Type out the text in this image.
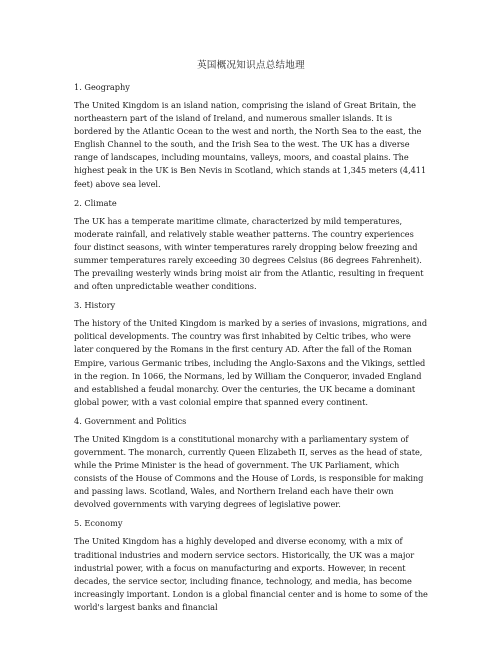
英国概况知识点总结地理
1. Geography
The United Kingdom is an island nation, comprising the island of Great Britain, the northeastern part of the island of Ireland, and numerous smaller islands. It is bordered by the Atlantic Ocean to the west and north, the North Sea to the east, the English Channel to the south, and the Irish Sea to the west. The UK has a diverse range of landscapes, including mountains, valleys, moors, and coastal plains. The highest peak in the UK is Ben Nevis in Scotland, which stands at 1,345 meters (4,411 feet) above sea level.
2. Climate
The UK has a temperate maritime climate, characterized by mild temperatures, moderate rainfall, and relatively stable weather patterns. The country experiences four distinct seasons, with winter temperatures rarely dropping below freezing and summer temperatures rarely exceeding 30 degrees Celsius (86 degrees Fahrenheit). The prevailing westerly winds bring moist air from the Atlantic, resulting in frequent and often unpredictable weather conditions.
3. History
The history of the United Kingdom is marked by a series of invasions, migrations, and political developments. The country was first inhabited by Celtic tribes, who were later conquered by the Romans in the first century AD. After the fall of the Roman Empire, various Germanic tribes, including the Anglo-Saxons and the Vikings, settled in the region. In 1066, the Normans, led by William the Conqueror, invaded England and established a feudal monarchy. Over the centuries, the UK became a dominant global power, with a vast colonial empire that spanned every continent.
4. Government and Politics
The United Kingdom is a constitutional monarchy with a parliamentary system of government. The monarch, currently Queen Elizabeth II, serves as the head of state, while the Prime Minister is the head of government. The UK Parliament, which consists of the House of Commons and the House of Lords, is responsible for making and passing laws. Scotland, Wales, and Northern Ireland each have their own devolved governments with varying degrees of legislative power.
5. Economy
The United Kingdom has a highly developed and diverse economy, with a mix of traditional industries and modern service sectors. Historically, the UK was a major industrial power, with a focus on manufacturing and exports. However, in recent decades, the service sector, including finance, technology, and media, has become increasingly important. London is a global financial center and is home to some of the world's largest banks and financial
